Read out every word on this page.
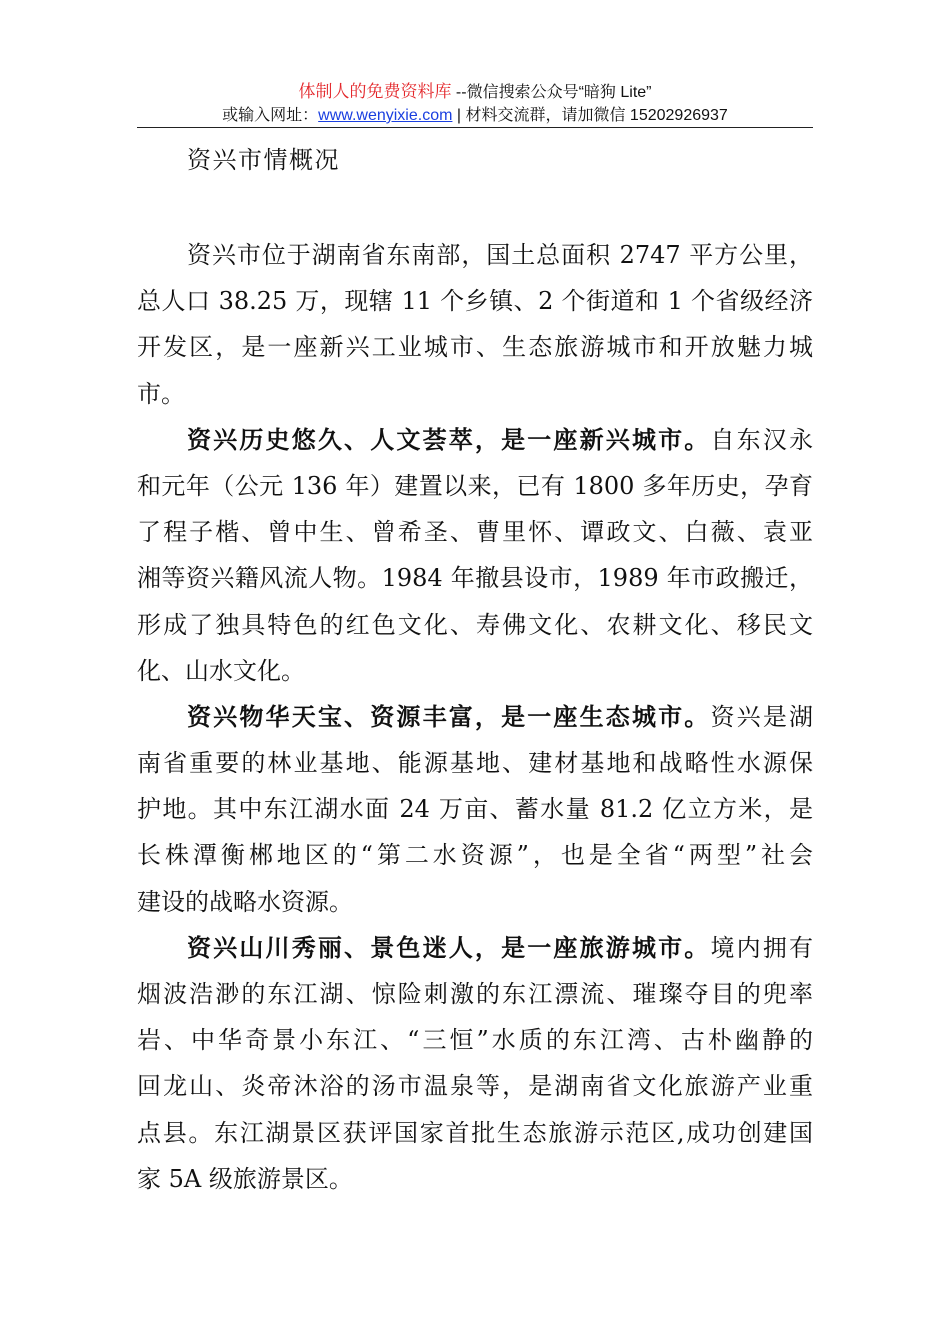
体制人的免费资料库 --微信搜索公众号“暗狗 Lite”
或输入网址：www.wenyixie.com | 材料交流群，请加微信 15202926937
资兴市情概况
资兴市位于湖南省东南部，国土总面积 2747 平方公里，
总人口 38.25 万，现辖 11 个乡镇、2 个街道和 1 个省级经济
开发区，是一座新兴工业城市、生态旅游城市和开放魅力城
市。
资兴历史悠久、人文荟萃，是一座新兴城市。自东汉永
和元年（公元 136 年）建置以来，已有 1800 多年历史，孕育
了程子楷、曾中生、曾希圣、曹里怀、谭政文、白薇、袁亚
湘等资兴籍风流人物。1984 年撤县设市，1989 年市政搬迁，
形成了独具特色的红色文化、寿佛文化、农耕文化、移民文
化、山水文化。
资兴物华天宝、资源丰富，是一座生态城市。资兴是湖
南省重要的林业基地、能源基地、建材基地和战略性水源保
护地。其中东江湖水面 24 万亩、蓄水量 81.2 亿立方米，是
长株潭衡郴地区的“第二水资源”，也是全省“两型”社会
建设的战略水资源。
资兴山川秀丽、景色迷人，是一座旅游城市。境内拥有
烟波浩渺的东江湖、惊险刺激的东江漂流、璀璨夺目的兜率
岩、中华奇景小东江、“三恒”水质的东江湾、古朴幽静的
回龙山、炎帝沐浴的汤市温泉等，是湖南省文化旅游产业重
点县。东江湖景区获评国家首批生态旅游示范区,成功创建国
家 5A 级旅游景区。
